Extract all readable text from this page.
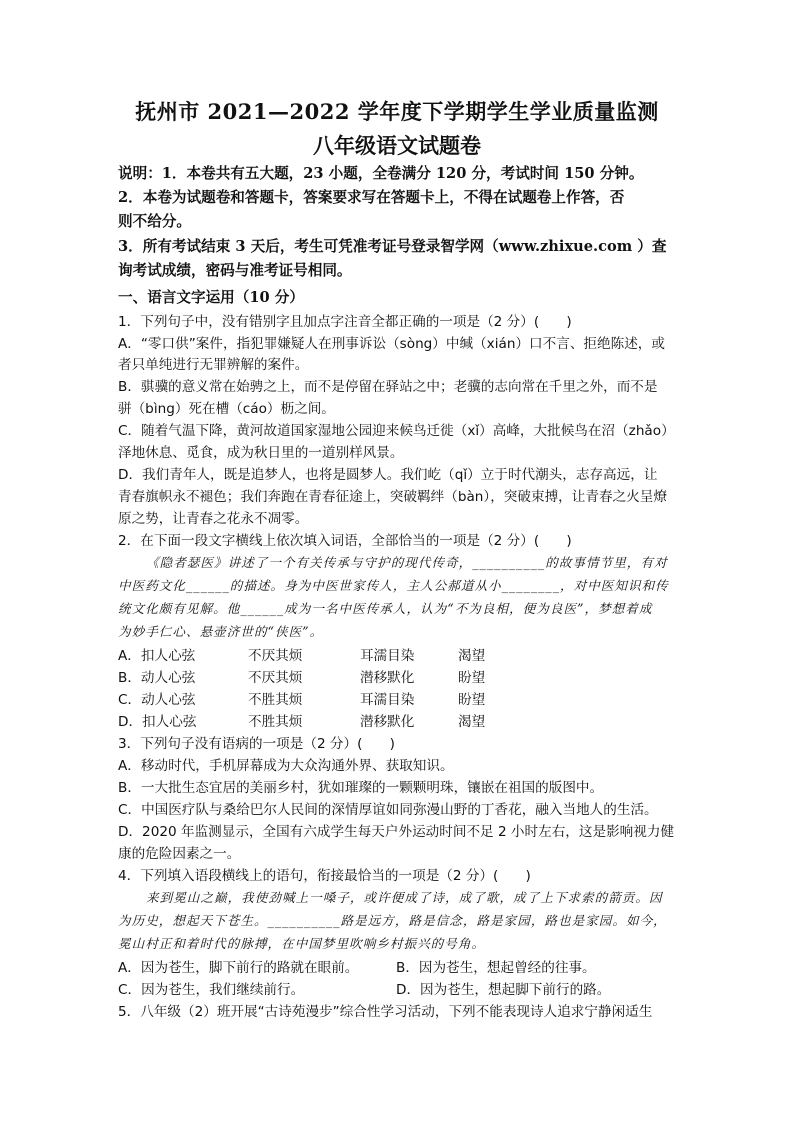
抚州市 2021—2022 学年度下学期学生学业质量监测
八年级语文试题卷
说明：1．本卷共有五大题，23 小题，全卷满分 120 分，考试时间 150 分钟。
2．本卷为试题卷和答题卡，答案要求写在答题卡上，不得在试题卷上作答，否
则不给分。
3．所有考试结束 3 天后，考生可凭准考证号登录智学网（www.zhixue.com ）查
询考试成绩，密码与准考证号相同。
一、语言文字运用（10 分）
1．下列句子中，没有错别字且加点字注音全都正确的一项是（2 分）(　　)
A．“零口供”案件，指犯罪嫌疑人在刑事诉讼（sòng）中缄（xián）口不言、拒绝陈述，或
者只单纯进行无罪辨解的案件。
B．骐骥的意义常在始骋之上，而不是停留在驿站之中；老骥的志向常在千里之外，而不是
骈（bìng）死在槽（cáo）枥之间。
C．随着气温下降，黄河故道国家湿地公园迎来候鸟迁徙（xǐ）高峰，大批候鸟在沼（zhǎo）
泽地休息、觅食，成为秋日里的一道别样风景。
D．我们青年人，既是追梦人，也将是圆梦人。我们屹（qǐ）立于时代潮头，志存高远，让
青春旗帜永不褪色；我们奔跑在青春征途上，突破羁绊（bàn），突破束搏，让青春之火呈燎
原之势，让青春之花永不凋零。
2．在下面一段文字横线上依次填入词语，全部恰当的一项是（2 分）(　　)
《隐者瑟医》讲述了一个有关传承与守护的现代传奇，__________的故事情节里，有对
中医药文化______的描述。身为中医世家传人，主人公郝道从小________，对中医知识和传
统文化颇有见解。他______成为一名中医传承人，认为“不为良相，便为良医”，梦想着成
为妙手仁心、悬壶济世的“侠医”。
A．扣人心弦	不厌其烦	耳濡目染	渴望
B．动人心弦	不厌其烦	潜移默化	盼望
C．动人心弦	不胜其烦	耳濡目染	盼望
D．扣人心弦	不胜其烦	潜移默化	渴望
3．下列句子没有语病的一项是（2 分）(　　)
A．移动时代，手机屏幕成为大众沟通外界、获取知识。
B．一大批生态宜居的美丽乡村，犹如璀璨的一颗颗明珠，镶嵌在祖国的版图中。
C．中国医疗队与桑给巴尔人民间的深情厚谊如同弥漫山野的丁香花，融入当地人的生活。
D．2020 年监测显示，全国有六成学生每天户外运动时间不足 2 小时左右，这是影响视力健
康的危险因素之一。
4．下列填入语段横线上的语句，衔接最恰当的一项是（2 分）(　　)
来到冕山之巅，我使劲喊上一嗓子，或许便成了诗，成了歌，成了上下求索的箭贡。因
为历史，想起天下苍生。__________路是远方，路是信念，路是家园，路也是家园。如今，
冕山村正和着时代的脉搏，在中国梦里吹响乡村振兴的号角。
A．因为苍生，脚下前行的路就在眼前。	B．因为苍生，想起曾经的往事。
C．因为苍生，我们继续前行。	D．因为苍生，想起脚下前行的路。
5．八年级（2）班开展“古诗苑漫步”综合性学习活动，下列不能表现诗人追求宁静闲适生
